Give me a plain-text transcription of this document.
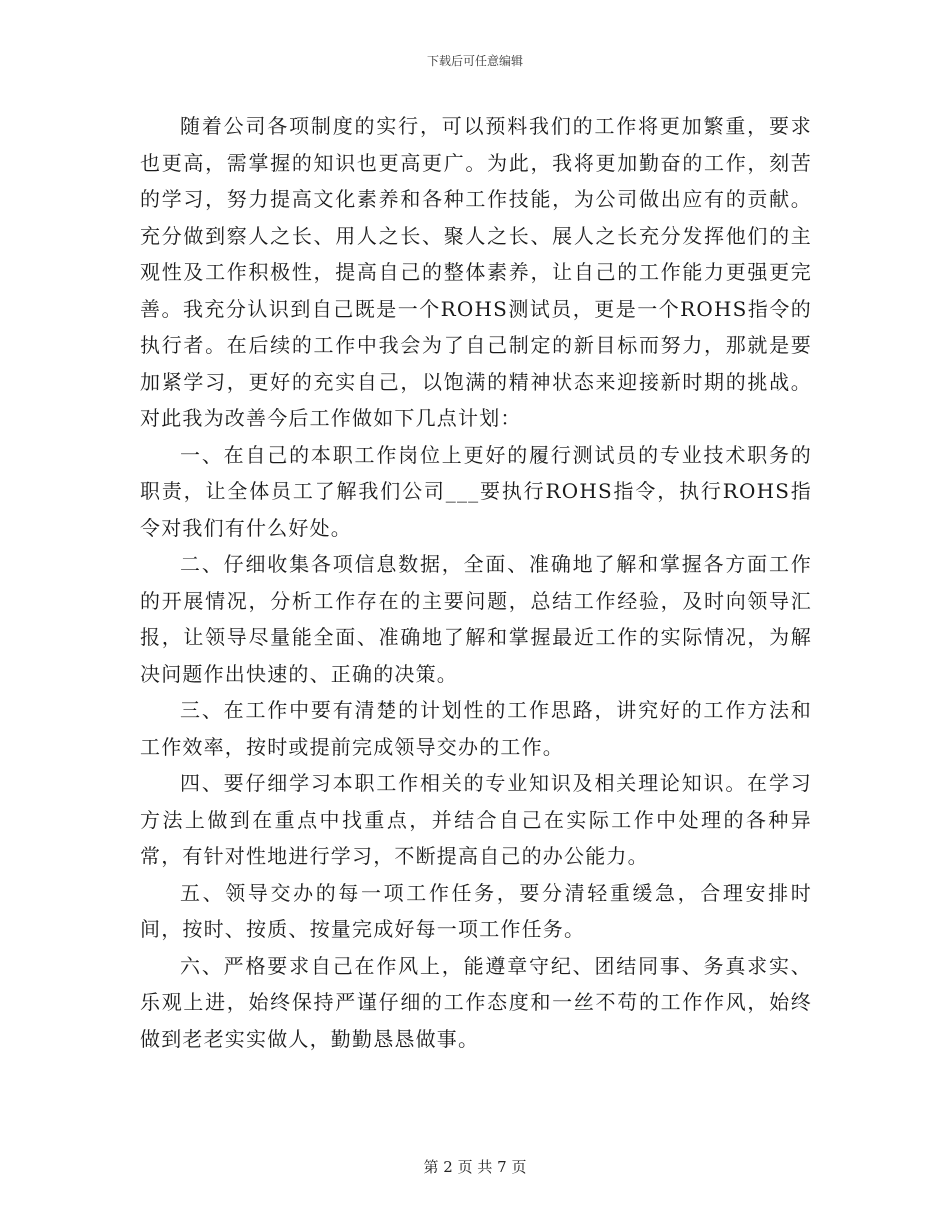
下载后可任意编辑

随着公司各项制度的实行，可以预料我们的工作将更加繁重，要求也更高，需掌握的知识也更高更广。为此，我将更加勤奋的工作，刻苦的学习，努力提高文化素养和各种工作技能，为公司做出应有的贡献。充分做到察人之长、用人之长、聚人之长、展人之长充分发挥他们的主观性及工作积极性，提高自己的整体素养，让自己的工作能力更强更完善。我充分认识到自己既是一个ROHS测试员，更是一个ROHS指令的执行者。在后续的工作中我会为了自己制定的新目标而努力，那就是要加紧学习，更好的充实自己，以饱满的精神状态来迎接新时期的挑战。对此我为改善今后工作做如下几点计划：

一、在自己的本职工作岗位上更好的履行测试员的专业技术职务的职责，让全体员工了解我们公司___要执行ROHS指令，执行ROHS指令对我们有什么好处。

二、仔细收集各项信息数据，全面、准确地了解和掌握各方面工作的开展情况，分析工作存在的主要问题，总结工作经验，及时向领导汇报，让领导尽量能全面、准确地了解和掌握最近工作的实际情况，为解决问题作出快速的、正确的决策。

三、在工作中要有清楚的计划性的工作思路，讲究好的工作方法和工作效率，按时或提前完成领导交办的工作。

四、要仔细学习本职工作相关的专业知识及相关理论知识。在学习方法上做到在重点中找重点，并结合自己在实际工作中处理的各种异常，有针对性地进行学习，不断提高自己的办公能力。

五、领导交办的每一项工作任务，要分清轻重缓急，合理安排时间，按时、按质、按量完成好每一项工作任务。

六、严格要求自己在作风上，能遵章守纪、团结同事、务真求实、乐观上进，始终保持严谨仔细的工作态度和一丝不苟的工作作风，始终做到老老实实做人，勤勤恳恳做事。

第 2 页 共 7 页
